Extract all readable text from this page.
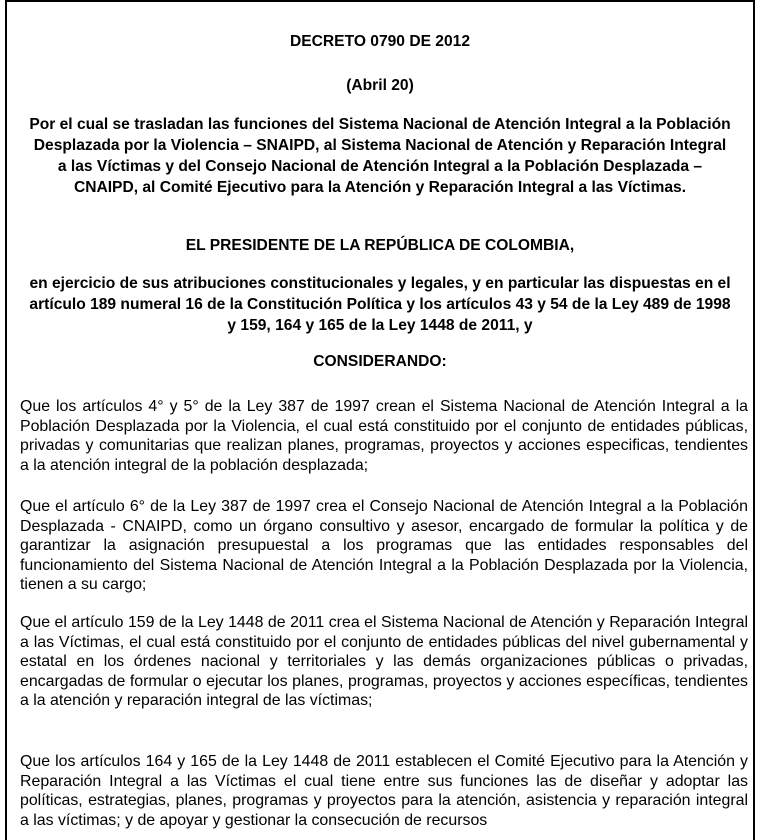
DECRETO 0790 DE 2012

(Abril 20)

Por el cual se trasladan las funciones del Sistema Nacional de Atención Integral a la Población Desplazada por la Violencia – SNAIPD, al Sistema Nacional de Atención y Reparación Integral a las Víctimas y del Consejo Nacional de Atención Integral a la Población Desplazada – CNAIPD, al Comité Ejecutivo para la Atención y Reparación Integral a las Víctimas.

EL PRESIDENTE DE LA REPÚBLICA DE COLOMBIA,

en ejercicio de sus atribuciones constitucionales y legales, y en particular las dispuestas en el artículo 189 numeral 16 de la Constitución Política y los artículos 43 y 54 de la Ley 489 de 1998 y 159, 164 y 165 de la Ley 1448 de 2011, y

CONSIDERANDO:

Que los artículos 4° y 5° de la Ley 387 de 1997 crean el Sistema Nacional de Atención Integral a la Población Desplazada por la Violencia, el cual está constituido por el conjunto de entidades públicas, privadas y comunitarias que realizan planes, programas, proyectos y acciones especificas, tendientes a la atención integral de la población desplazada;

Que el artículo 6° de la Ley 387 de 1997 crea el Consejo Nacional de Atención Integral a la Población Desplazada - CNAIPD, como un órgano consultivo y asesor, encargado de formular la política y de garantizar la asignación presupuestal a los programas que las entidades responsables del funcionamiento del Sistema Nacional de Atención Integral a la Población Desplazada por la Violencia, tienen a su cargo;

Que el artículo 159 de la Ley 1448 de 2011 crea el Sistema Nacional de Atención y Reparación Integral a las Víctimas, el cual está constituido por el conjunto de entidades públicas del nivel gubernamental y estatal en los órdenes nacional y territoriales y las demás organizaciones públicas o privadas, encargadas de formular o ejecutar los planes, programas, proyectos y acciones específicas, tendientes a la atención y reparación integral de las víctimas;

Que los artículos 164 y 165 de la Ley 1448 de 2011 establecen el Comité Ejecutivo para la Atención y Reparación Integral a las Víctimas el cual tiene entre sus funciones las de diseñar y adoptar las políticas, estrategias, planes, programas y proyectos para la atención, asistencia y reparación integral a las víctimas; y de apoyar y gestionar la consecución de recursos
